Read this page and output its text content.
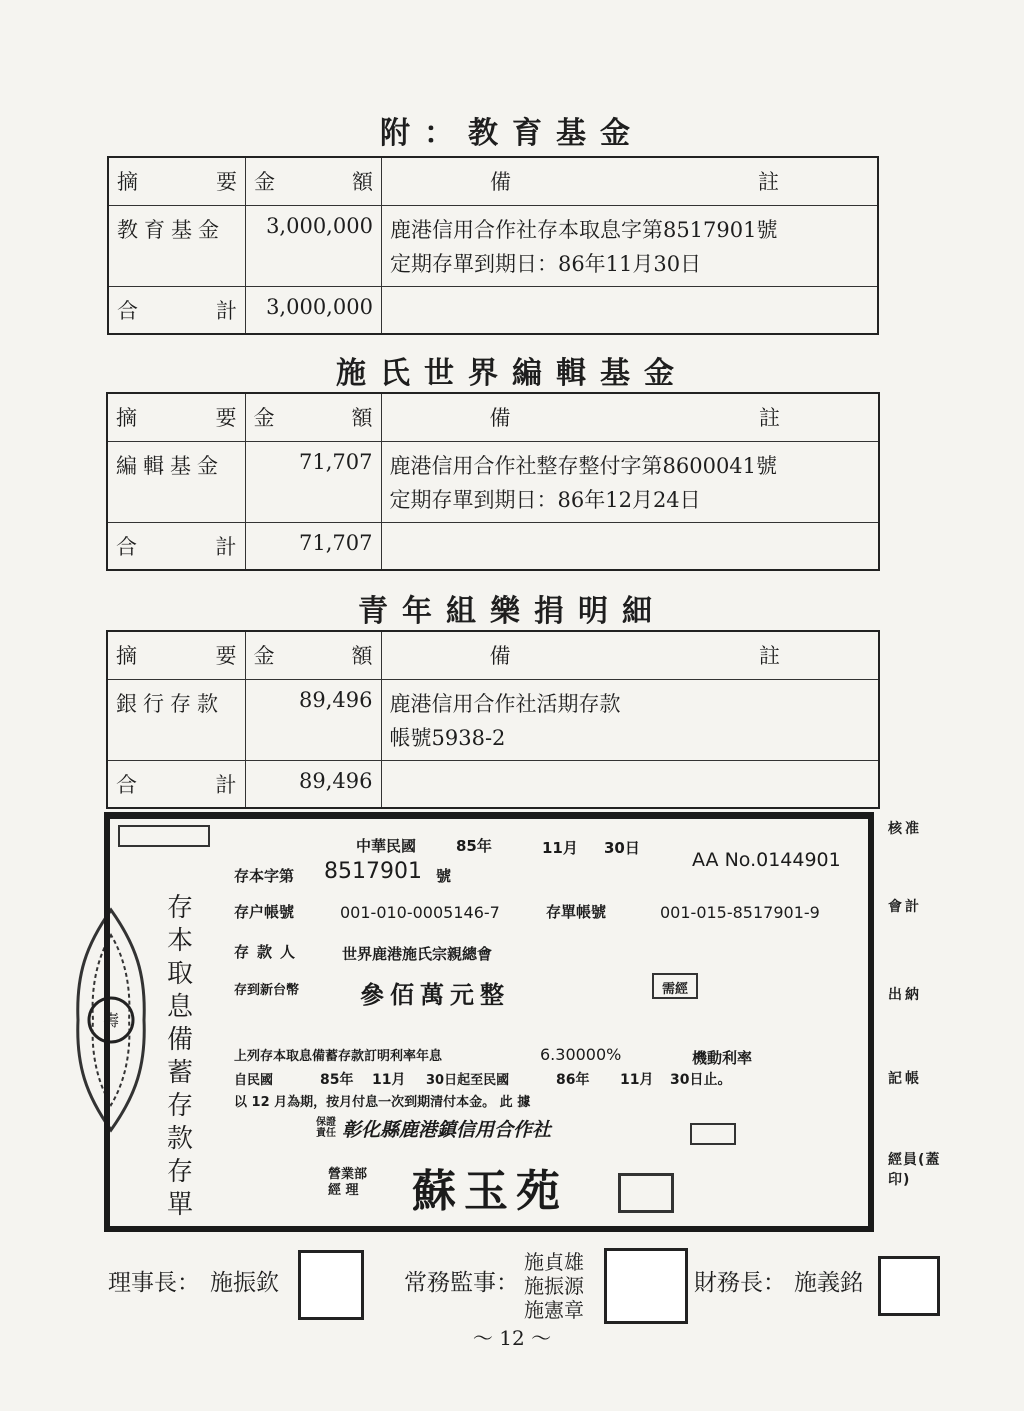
附：教育基金
摘 要	金 額	備 註

教育基金	3,000,000	鹿港信用合作社存本取息字第8517901號
定期存單到期日：86年11月30日

合 計	3,000,000	
施氏世界編輯基金
摘 要	金 額	備 註

編輯基金	71,707	鹿港信用合作社整存整付字第8600041號
定期存單到期日：86年12月24日

合 計	71,707	
青年組樂捐明細
摘 要	金 額	備 註

銀行存款	89,496	鹿港信用合作社活期存款
帳號5938-2

合 計	89,496	
壽
存本取息備蓄存款存單
中華民國	85年	11月 30日
AA No.0144901
存本字第 8517901 號
存户帳號	001-010-0005146-7	存單帳號	001-015-8517901-9
存款人	世界鹿港施氏宗親總會
存到新台幣	參佰萬元整	需經
上列存本取息備蓄存款訂明利率年息	6.30000%	機動利率
自民國	85年 11月 30日起至民國	86年 11月 30日止。
以 12 月為期，按月付息一次到期清付本金。 此 據
保證 責任 彰化縣鹿港鎮信用合作社
營業部 經 理	蘇玉苑
核准
會計
出納
記帳
經員(蓋印)
理事長： 施振欽	常務監事：
施貞雄
施振源
施憲章
財務長： 施義銘
～ 12 ～
